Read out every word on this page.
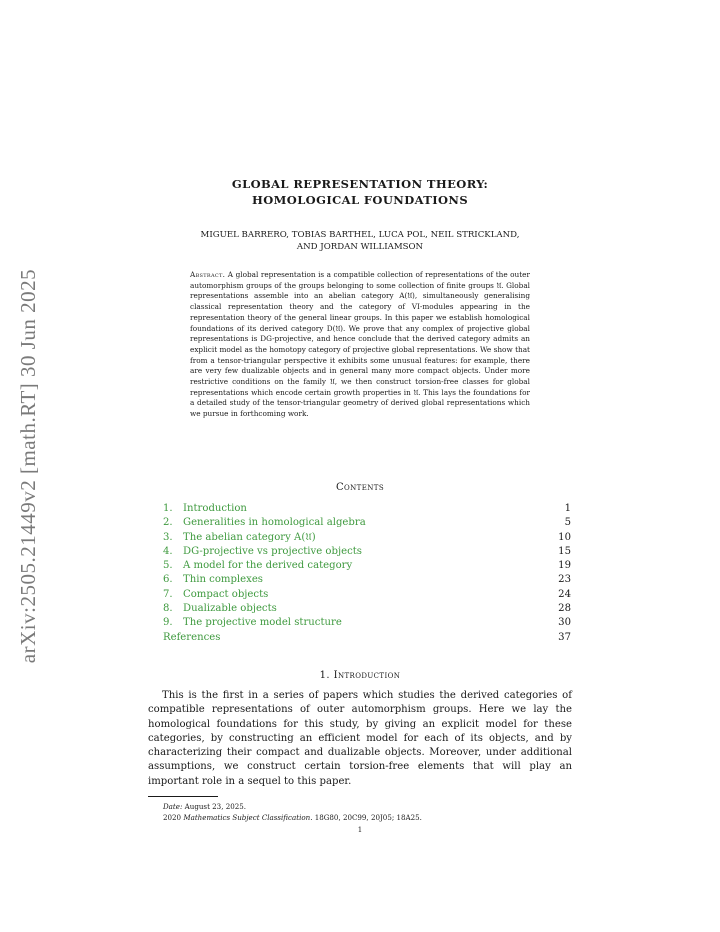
arXiv:2505.21449v2 [math.RT] 30 Jun 2025
GLOBAL REPRESENTATION THEORY:
HOMOLOGICAL FOUNDATIONS
MIGUEL BARRERO, TOBIAS BARTHEL, LUCA POL, NEIL STRICKLAND,
AND JORDAN WILLIAMSON
Abstract. A global representation is a compatible collection of representations of the outer automorphism groups of the groups belonging to some collection of finite groups 𝔘. Global representations assemble into an abelian category A(𝔘), simultaneously generalising classical representation theory and the category of VI-modules appearing in the representation theory of the general linear groups. In this paper we establish homological foundations of its derived category D(𝔘). We prove that any complex of projective global representations is DG-projective, and hence conclude that the derived category admits an explicit model as the homotopy category of projective global representations. We show that from a tensor-triangular perspective it exhibits some unusual features: for example, there are very few dualizable objects and in general many more compact objects. Under more restrictive conditions on the family 𝔘, we then construct torsion-free classes for global representations which encode certain growth properties in 𝔘. This lays the foundations for a detailed study of the tensor-triangular geometry of derived global representations which we pursue in forthcoming work.
Contents
1. Introduction	1
2. Generalities in homological algebra	5
3. The abelian category A(𝔘)	10
4. DG-projective vs projective objects	15
5. A model for the derived category	19
6. Thin complexes	23
7. Compact objects	24
8. Dualizable objects	28
9. The projective model structure	30
References	37
1. Introduction
This is the first in a series of papers which studies the derived categories of compatible representations of outer automorphism groups. Here we lay the homological foundations for this study, by giving an explicit model for these categories, by constructing an efficient model for each of its objects, and by characterizing their compact and dualizable objects. Moreover, under additional assumptions, we construct certain torsion-free elements that will play an important role in a sequel to this paper.
Date: August 23, 2025.
2020 Mathematics Subject Classification. 18G80, 20C99, 20J05; 18A25.
1
